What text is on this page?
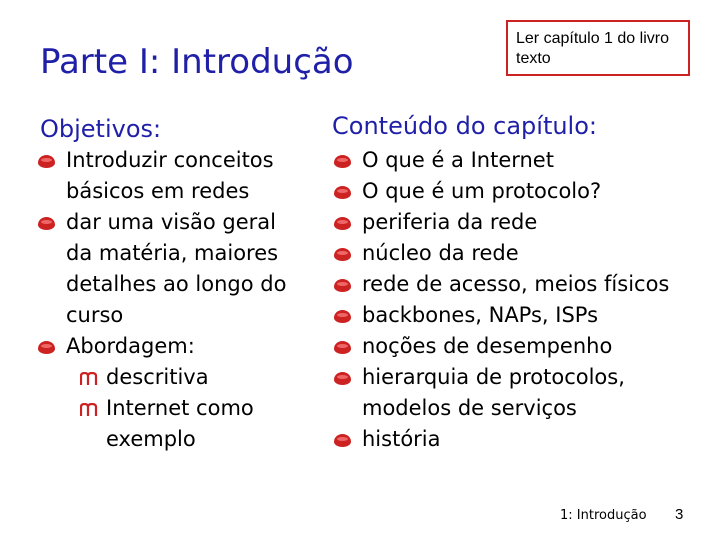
Parte I: Introdução
Ler capítulo 1 do livro texto
Objetivos:	Conteúdo do capítulo:
Introduzir conceitos
básicos em redes
dar uma visão geral
da matéria, maiores
detalhes ao longo do
curso
Abordagem:
descritiva
Internet como
exemplo
O que é a Internet
O que é um protocolo?
periferia da rede
núcleo da rede
rede de acesso, meios físicos
backbones, NAPs, ISPs
noções de desempenho
hierarquia de protocolos,
modelos de serviços
história
1: Introdução 3
